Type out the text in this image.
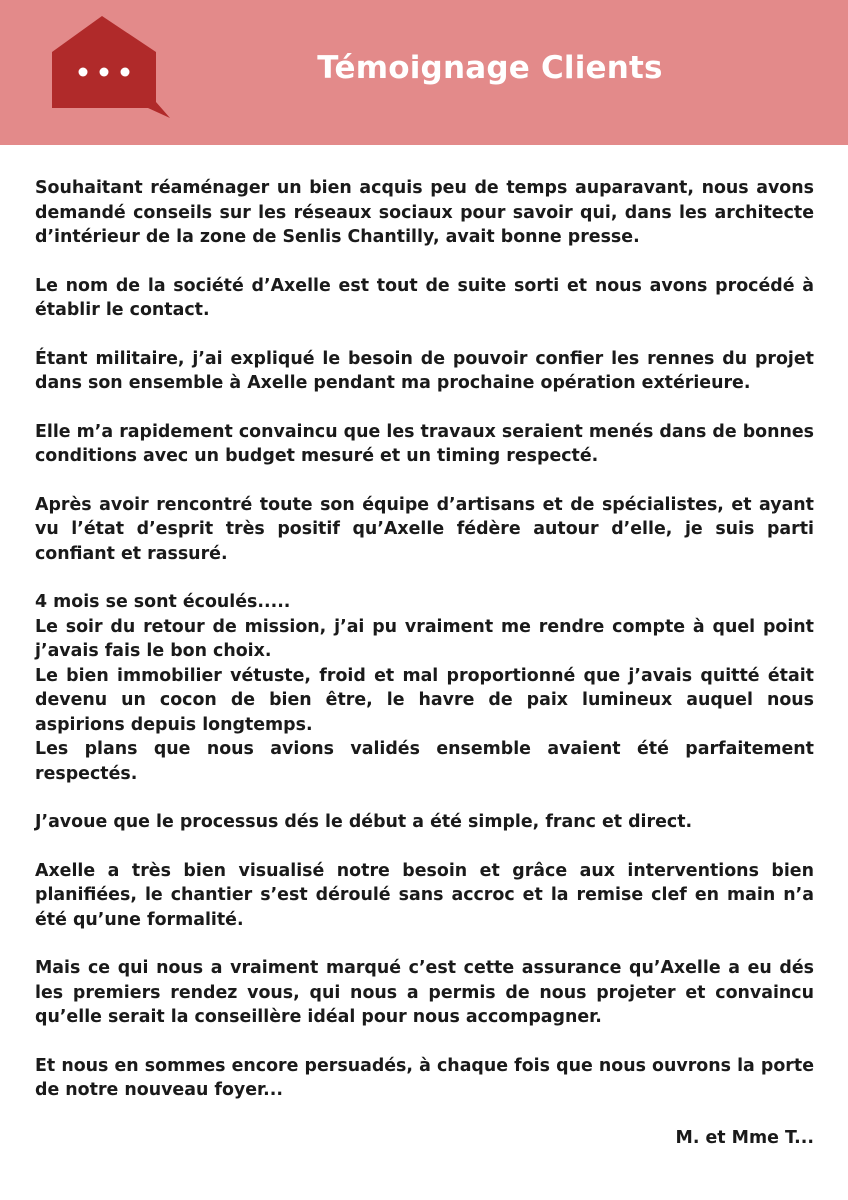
Témoignage Clients

Souhaitant réaménager un bien acquis peu de temps auparavant, nous avons demandé conseils sur les réseaux sociaux pour savoir qui, dans les architecte d’intérieur de la zone de Senlis Chantilly, avait bonne presse.

Le nom de la société d’Axelle est tout de suite sorti et nous avons procédé à établir le contact.

Étant militaire, j’ai expliqué le besoin de pouvoir confier les rennes du projet dans son ensemble à Axelle pendant ma prochaine opération extérieure.

Elle m’a rapidement convaincu que les travaux seraient menés dans de bonnes conditions avec un budget mesuré et un timing respecté.

Après avoir rencontré toute son équipe d’artisans et de spécialistes, et ayant vu l’état d’esprit très positif qu’Axelle fédère autour d’elle, je suis parti confiant et rassuré.

4 mois se sont écoulés.....
Le soir du retour de mission, j’ai pu vraiment me rendre compte à quel point j’avais fais le bon choix.
Le bien immobilier vétuste, froid et mal proportionné que j’avais quitté était devenu un cocon de bien être, le havre de paix lumineux auquel nous aspirions depuis longtemps.
Les plans que nous avions validés ensemble avaient été parfaitement respectés.

J’avoue que le processus dés le début a été simple, franc et direct.

Axelle a très bien visualisé notre besoin et grâce aux interventions bien planifiées, le chantier s’est déroulé sans accroc et la remise clef en main n’a été qu’une formalité.

Mais ce qui nous a vraiment marqué c’est cette assurance qu’Axelle a eu dés les premiers rendez vous, qui nous a permis de nous projeter et convaincu qu’elle serait la conseillère idéal pour nous accompagner.

Et nous en sommes encore persuadés, à chaque fois que nous ouvrons la porte de notre nouveau foyer...

M. et Mme T...
